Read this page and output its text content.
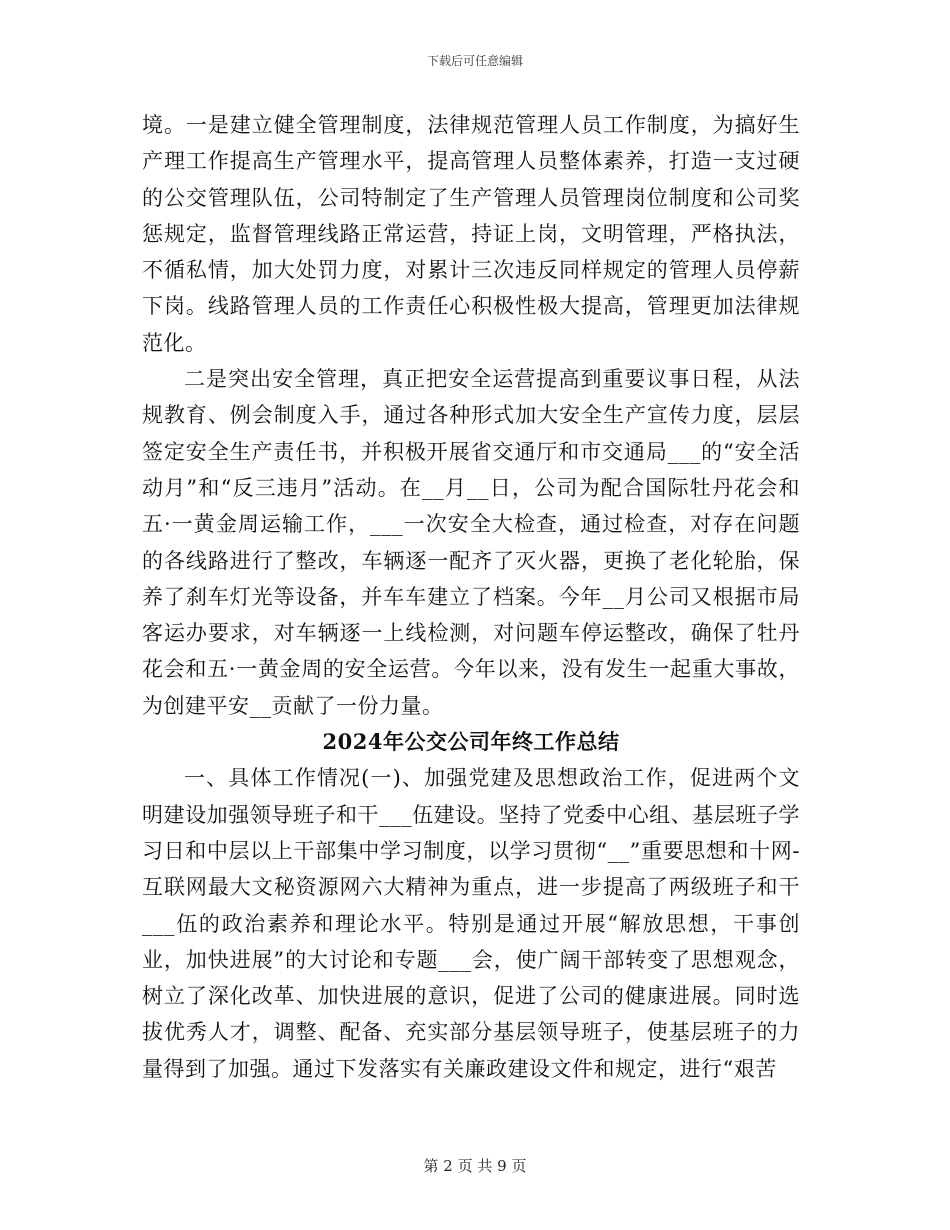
下载后可任意编辑

境。一是建立健全管理制度，法律规范管理人员工作制度，为搞好生产理工作提高生产管理水平，提高管理人员整体素养，打造一支过硬的公交管理队伍，公司特制定了生产管理人员管理岗位制度和公司奖惩规定，监督管理线路正常运营，持证上岗，文明管理，严格执法，不循私情，加大处罚力度，对累计三次违反同样规定的管理人员停薪下岗。线路管理人员的工作责任心积极性极大提高，管理更加法律规范化。

二是突出安全管理，真正把安全运营提高到重要议事日程，从法规教育、例会制度入手，通过各种形式加大安全生产宣传力度，层层签定安全生产责任书，并积极开展省交通厅和市交通局___的“安全活动月”和“反三违月”活动。在__月__日，公司为配合国际牡丹花会和五·一黄金周运输工作，___一次安全大检查，通过检查，对存在问题的各线路进行了整改，车辆逐一配齐了灭火器，更换了老化轮胎，保养了刹车灯光等设备，并车车建立了档案。今年__月公司又根据市局客运办要求，对车辆逐一上线检测，对问题车停运整改，确保了牡丹花会和五·一黄金周的安全运营。今年以来，没有发生一起重大事故，为创建平安__贡献了一份力量。

2024年公交公司年终工作总结

一、具体工作情况(一)、加强党建及思想政治工作，促进两个文明建设加强领导班子和干___伍建设。坚持了党委中心组、基层班子学习日和中层以上干部集中学习制度，以学习贯彻“__”重要思想和十网-互联网最大文秘资源网六大精神为重点，进一步提高了两级班子和干___伍的政治素养和理论水平。特别是通过开展“解放思想，干事创业，加快进展”的大讨论和专题___会，使广阔干部转变了思想观念，树立了深化改革、加快进展的意识，促进了公司的健康进展。同时选拔优秀人才，调整、配备、充实部分基层领导班子，使基层班子的力量得到了加强。通过下发落实有关廉政建设文件和规定，进行“艰苦

第 2 页 共 9 页
